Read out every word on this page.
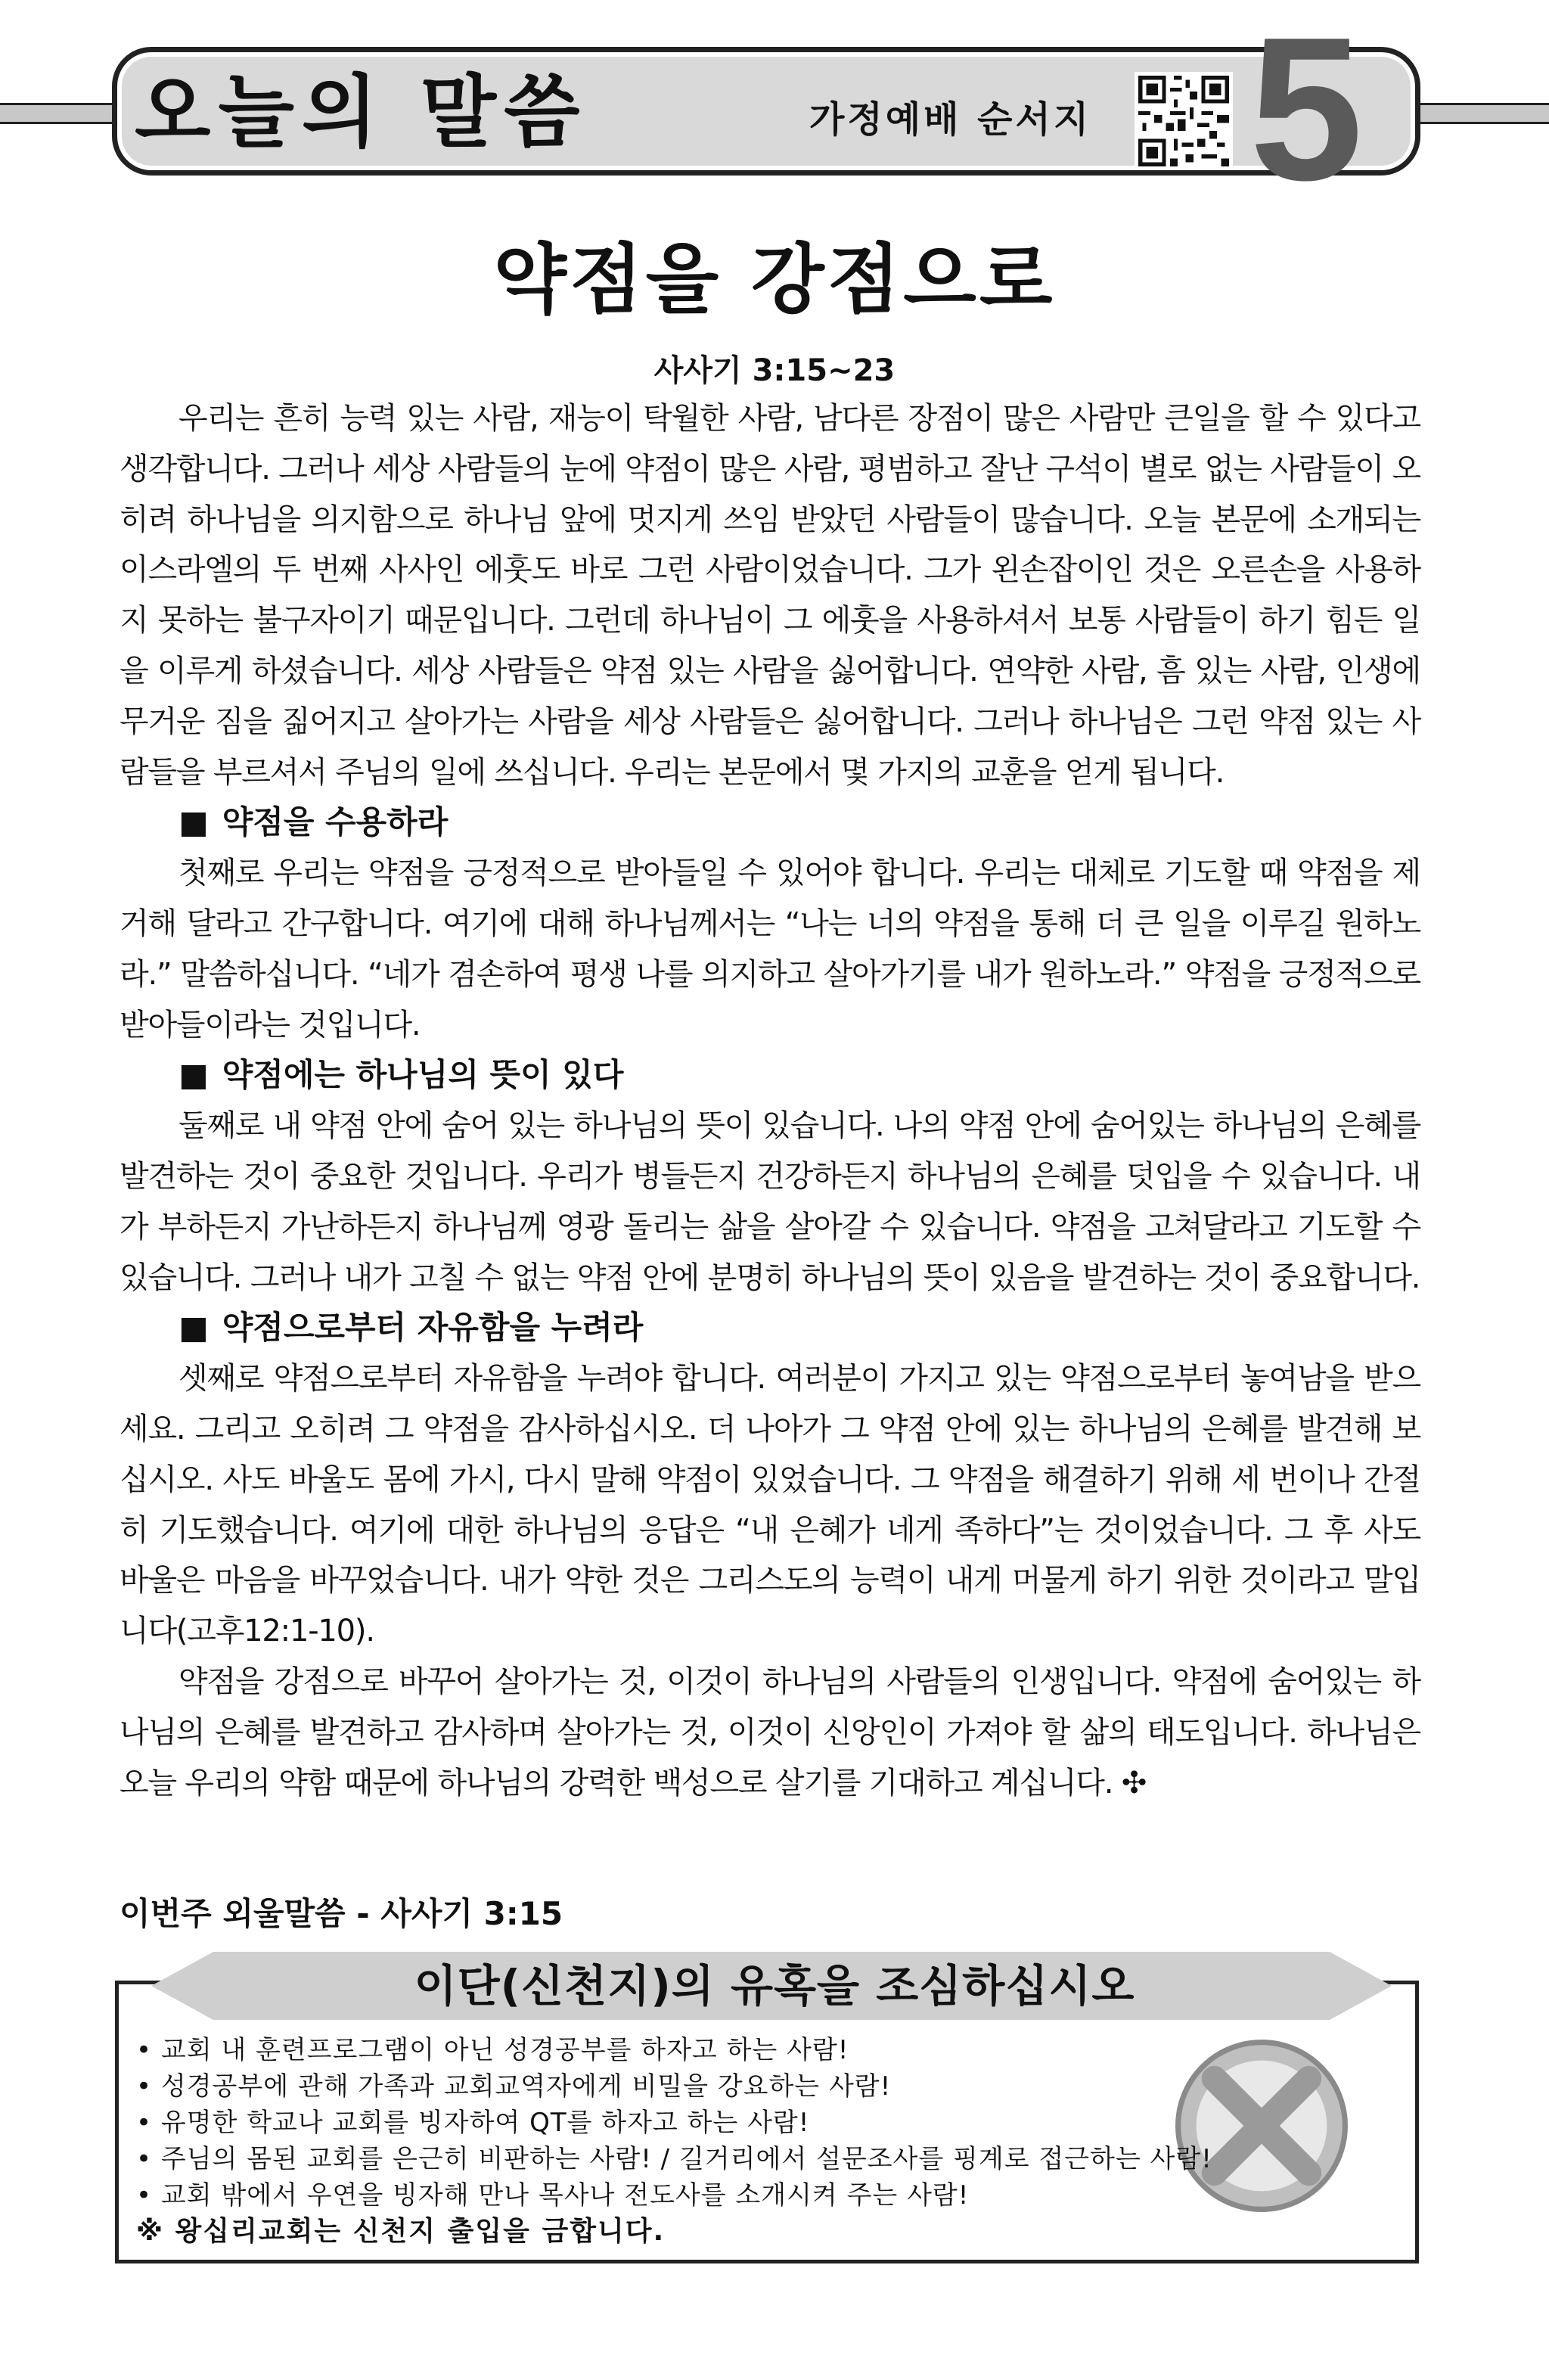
오늘의 말씀	가정예배 순서지 5
약점을 강점으로
사사기 3:15~23

우리는 흔히 능력 있는 사람, 재능이 탁월한 사람, 남다른 장점이 많은 사람만 큰일을 할 수 있다고 생각합니다. 그러나 세상 사람들의 눈에 약점이 많은 사람, 평범하고 잘난 구석이 별로 없는 사람들이 오히려 하나님을 의지함으로 하나님 앞에 멋지게 쓰임 받았던 사람들이 많습니다. 오늘 본문에 소개되는 이스라엘의 두 번째 사사인 에훗도 바로 그런 사람이었습니다. 그가 왼손잡이인 것은 오른손을 사용하지 못하는 불구자이기 때문입니다. 그런데 하나님이 그 에훗을 사용하셔서 보통 사람들이 하기 힘든 일을 이루게 하셨습니다. 세상 사람들은 약점 있는 사람을 싫어합니다. 연약한 사람, 흠 있는 사람, 인생에 무거운 짐을 짊어지고 살아가는 사람을 세상 사람들은 싫어합니다. 그러나 하나님은 그런 약점 있는 사람들을 부르셔서 주님의 일에 쓰십니다. 우리는 본문에서 몇 가지의 교훈을 얻게 됩니다.

■ 약점을 수용하라

첫째로 우리는 약점을 긍정적으로 받아들일 수 있어야 합니다. 우리는 대체로 기도할 때 약점을 제거해 달라고 간구합니다. 여기에 대해 하나님께서는 “나는 너의 약점을 통해 더 큰 일을 이루길 원하노라.” 말씀하십니다. “네가 겸손하여 평생 나를 의지하고 살아가기를 내가 원하노라.” 약점을 긍정적으로 받아들이라는 것입니다.

■ 약점에는 하나님의 뜻이 있다

둘째로 내 약점 안에 숨어 있는 하나님의 뜻이 있습니다. 나의 약점 안에 숨어있는 하나님의 은혜를 발견하는 것이 중요한 것입니다. 우리가 병들든지 건강하든지 하나님의 은혜를 덧입을 수 있습니다. 내가 부하든지 가난하든지 하나님께 영광 돌리는 삶을 살아갈 수 있습니다. 약점을 고쳐달라고 기도할 수 있습니다. 그러나 내가 고칠 수 없는 약점 안에 분명히 하나님의 뜻이 있음을 발견하는 것이 중요합니다.

■ 약점으로부터 자유함을 누려라

셋째로 약점으로부터 자유함을 누려야 합니다. 여러분이 가지고 있는 약점으로부터 놓여남을 받으세요. 그리고 오히려 그 약점을 감사하십시오. 더 나아가 그 약점 안에 있는 하나님의 은혜를 발견해 보십시오. 사도 바울도 몸에 가시, 다시 말해 약점이 있었습니다. 그 약점을 해결하기 위해 세 번이나 간절히 기도했습니다. 여기에 대한 하나님의 응답은 “내 은혜가 네게 족하다”는 것이었습니다. 그 후 사도 바울은 마음을 바꾸었습니다. 내가 약한 것은 그리스도의 능력이 내게 머물게 하기 위한 것이라고 말입니다(고후12:1-10).

약점을 강점으로 바꾸어 살아가는 것, 이것이 하나님의 사람들의 인생입니다. 약점에 숨어있는 하나님의 은혜를 발견하고 감사하며 살아가는 것, 이것이 신앙인이 가져야 할 삶의 태도입니다. 하나님은 오늘 우리의 약함 때문에 하나님의 강력한 백성으로 살기를 기대하고 계십니다. ✣

이번주 외울말씀 - 사사기 3:15
이단(신천지)의 유혹을 조심하십시오
• 교회 내 훈련프로그램이 아닌 성경공부를 하자고 하는 사람!
• 성경공부에 관해 가족과 교회교역자에게 비밀을 강요하는 사람!
• 유명한 학교나 교회를 빙자하여 QT를 하자고 하는 사람!
• 주님의 몸된 교회를 은근히 비판하는 사람! / 길거리에서 설문조사를 핑계로 접근하는 사람!
• 교회 밖에서 우연을 빙자해 만나 목사나 전도사를 소개시켜 주는 사람!
※ 왕십리교회는 신천지 출입을 금합니다.
